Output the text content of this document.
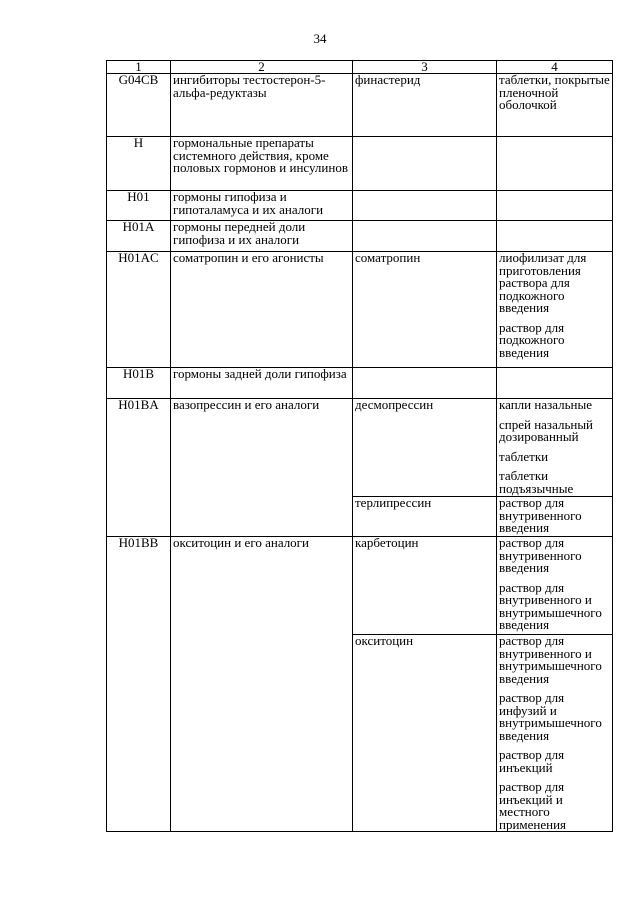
34
1	2	3	4
G04CB	ингибиторы тестостерон-5-альфа-редуктазы	финастерид	таблетки, покрытые пленочной оболочкой

H	гормональные препараты системного действия, кроме половых гормонов и инсулинов		

H01	гормоны гипофиза и гипоталамуса и их аналоги		

H01A	гормоны передней доли гипофиза и их аналоги		

H01AC	соматропин и его агонисты	соматропин	лиофилизат для приготовления раствора для подкожного введения
раствор для подкожного введения

H01B	гормоны задней доли гипофиза		

H01BA	вазопрессин и его аналоги	десмопрессин	капли назальные
спрей назальный дозированный
таблетки
таблетки подъязычные

		терлипрессин	раствор для внутривенного введения

H01BB	окситоцин и его аналоги	карбетоцин	раствор для внутривенного введения
раствор для внутривенного и внутримышечного введения

		окситоцин	раствор для внутривенного и внутримышечного введения
раствор для инфузий и внутримышечного введения
раствор для инъекций
раствор для инъекций и местного применения
